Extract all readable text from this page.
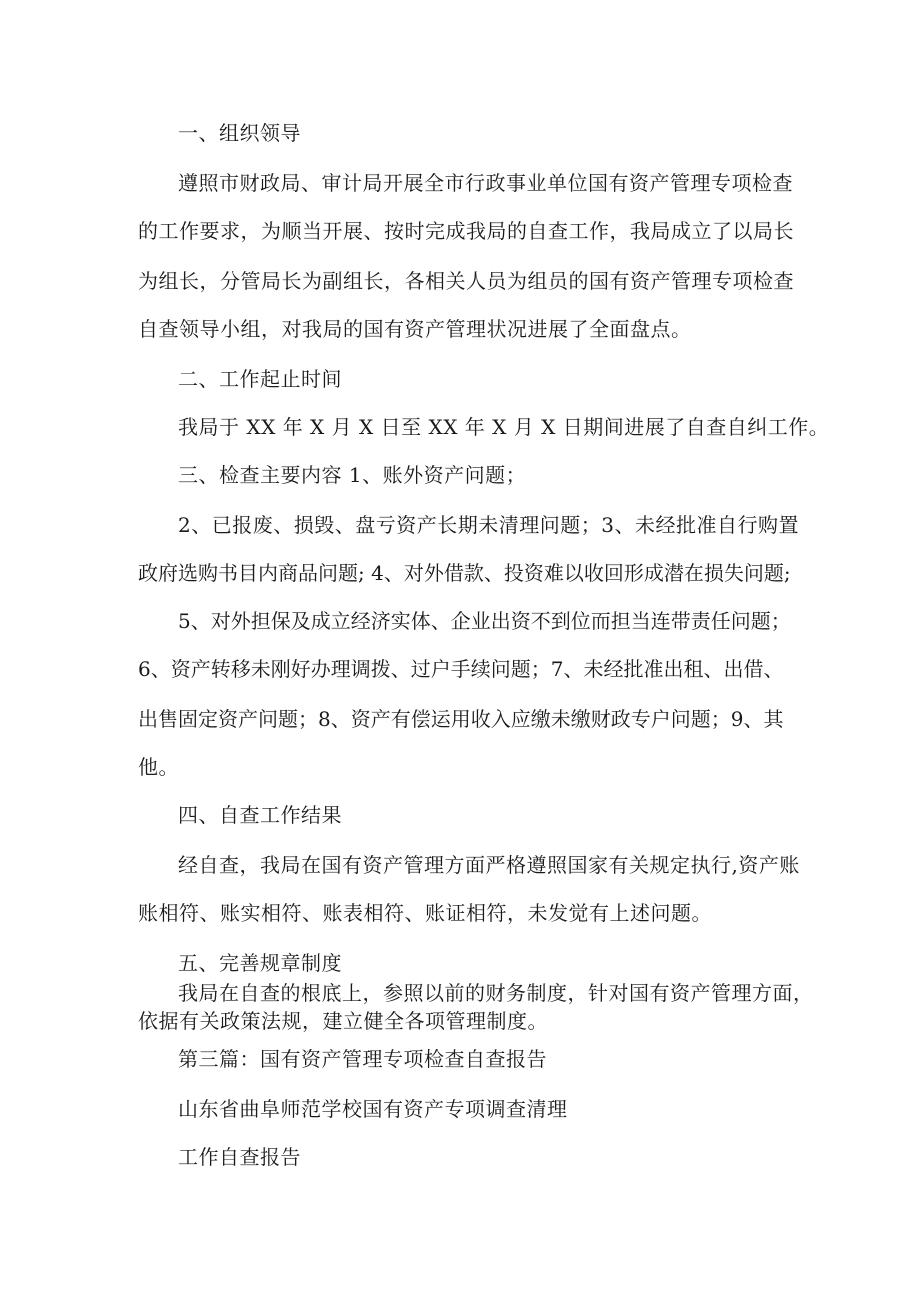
一、组织领导
遵照市财政局、审计局开展全市行政事业单位国有资产管理专项检查
的工作要求，为顺当开展、按时完成我局的自查工作，我局成立了以局长
为组长，分管局长为副组长，各相关人员为组员的国有资产管理专项检查
自查领导小组，对我局的国有资产管理状况进展了全面盘点。
二、工作起止时间
我局于 XX 年 X 月 X 日至 XX 年 X 月 X 日期间进展了自查自纠工作。
三、检查主要内容 1、账外资产问题；
2、已报废、损毁、盘亏资产长期未清理问题；3、未经批准自行购置
政府选购书目内商品问题; 4、对外借款、投资难以收回形成潜在损失问题;
5、对外担保及成立经济实体、企业出资不到位而担当连带责任问题；
6、资产转移未刚好办理调拨、过户手续问题；7、未经批准出租、出借、
出售固定资产问题；8、资产有偿运用收入应缴未缴财政专户问题；9、其
他。
四、自查工作结果
经自查，我局在国有资产管理方面严格遵照国家有关规定执行,资产账
账相符、账实相符、账表相符、账证相符，未发觉有上述问题。
五、完善规章制度
我局在自查的根底上，参照以前的财务制度，针对国有资产管理方面，
依据有关政策法规，建立健全各项管理制度。
第三篇：国有资产管理专项检查自查报告
山东省曲阜师范学校国有资产专项调查清理
工作自查报告
